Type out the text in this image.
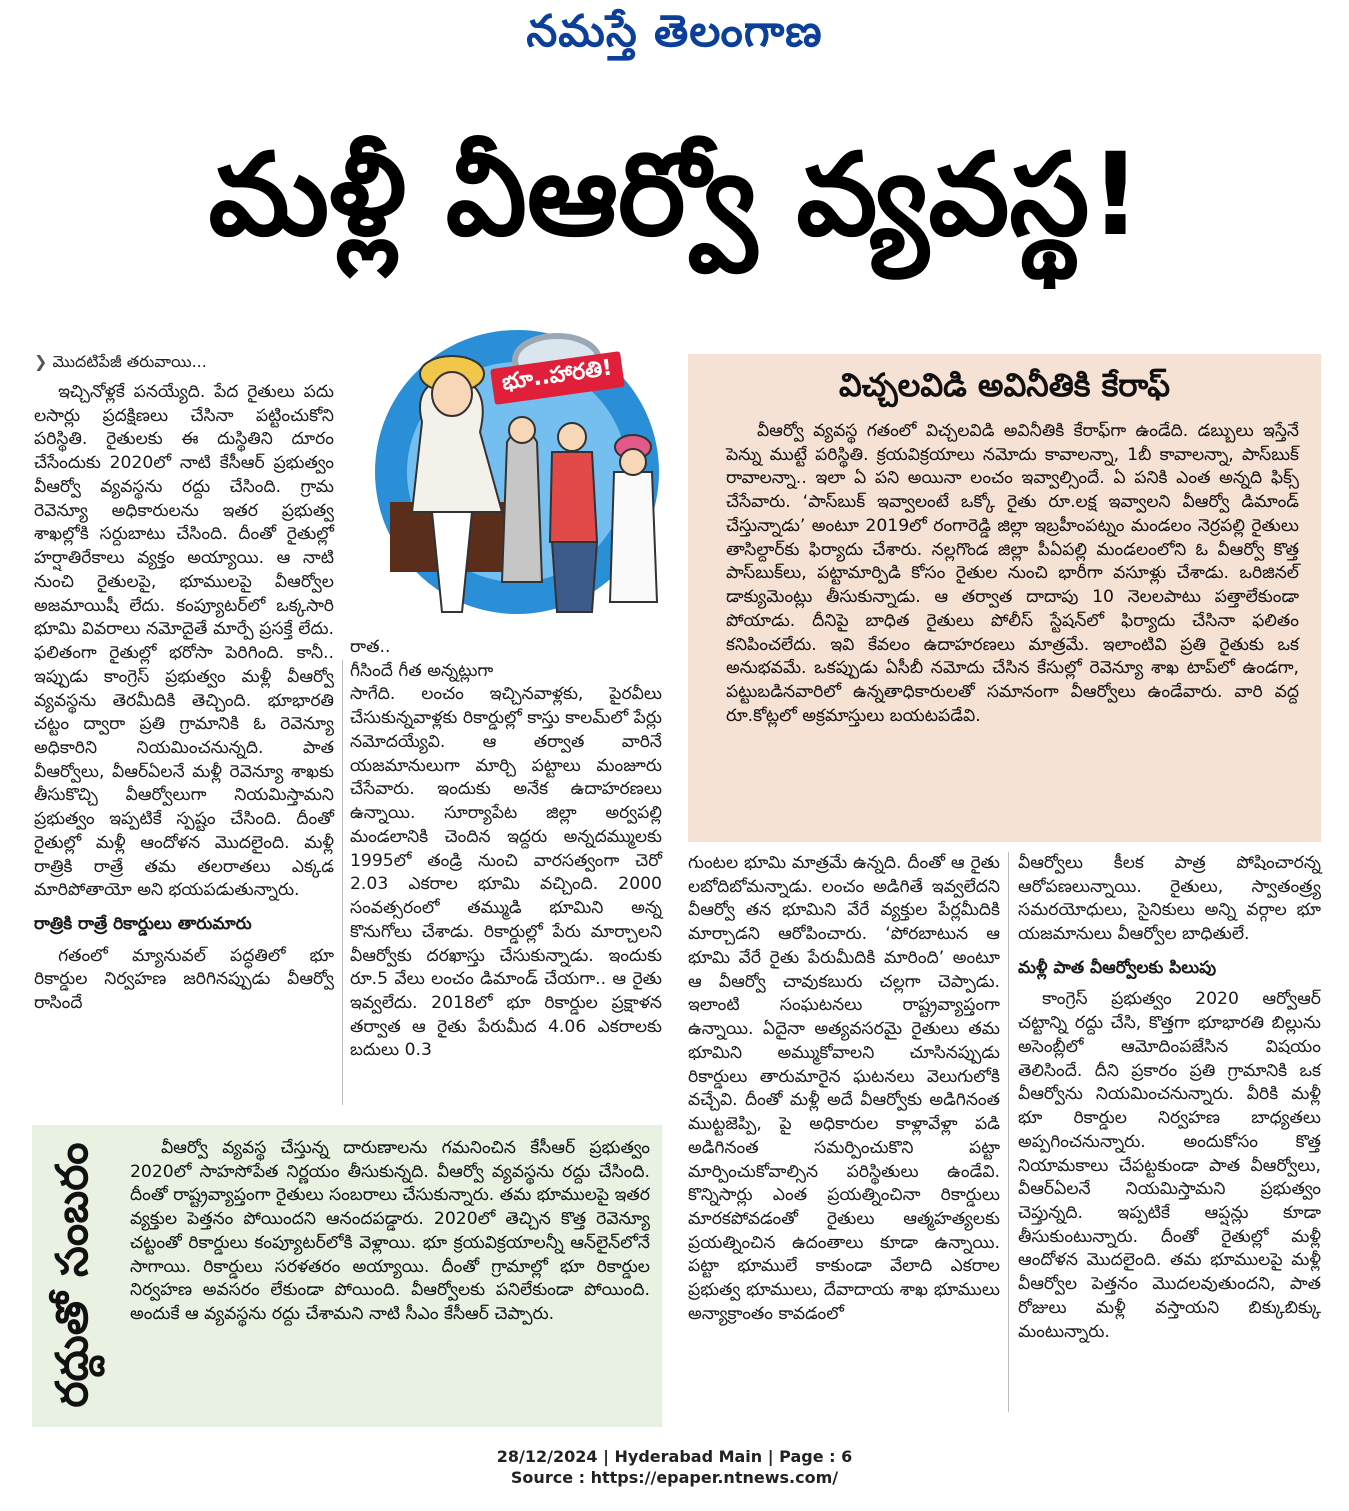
నమస్తే తెలంగాణ
మళ్లీ వీఆర్వో వ్యవస్థ!
❯ మొదటిపేజీ తరువాయి...

ఇచ్చినోళ్లకే పనయ్యేది. పేద రైతులు పదు లసార్లు ప్రదక్షిణలు చేసినా పట్టించుకోని పరిస్థితి. రైతులకు ఈ దుస్థితిని దూరం చేసేందుకు 2020లో నాటి కేసీఆర్ ప్రభుత్వం వీఆర్వో వ్యవస్థను రద్దు చేసింది. గ్రామ రెవెన్యూ అధికారులను ఇతర ప్రభుత్వ శాఖల్లోకి సర్దుబాటు చేసింది. దీంతో రైతుల్లో హర్షాతిరేకాలు వ్యక్తం అయ్యాయి. ఆ నాటి నుంచి రైతులపై, భూములపై వీఆర్వోల అజమాయిషీ లేదు. కంప్యూటర్‌లో ఒక్కసారి భూమి వివరాలు నమోదైతే మార్పే ప్రసక్తే లేదు. ఫలితంగా రైతుల్లో భరోసా పెరిగింది. కానీ.. ఇప్పుడు కాంగ్రెస్ ప్రభుత్వం మళ్లీ వీఆర్వో వ్యవస్థను తెరమీదికి తెచ్చింది. భూభారతి చట్టం ద్వారా ప్రతి గ్రామానికి ఓ రెవెన్యూ అధికారిని నియమించనున్నది. పాత వీఆర్వోలు, వీఆర్ఏలనే మళ్లీ రెవెన్యూ శాఖకు తీసుకొచ్చి వీఆర్వోలుగా నియమిస్తామని ప్రభుత్వం ఇప్పటికే స్పష్టం చేసింది. దీంతో రైతుల్లో మళ్లీ ఆందోళన మొదలైంది. మళ్లీ రాత్రికి రాత్రే తమ తలరాతలు ఎక్కడ మారిపోతాయో అని భయపడుతున్నారు.

రాత్రికి రాత్రే రికార్డులు తారుమారు

గతంలో మ్యానువల్ పద్ధతిలో భూ రికార్డుల నిర్వహణ జరిగినప్పుడు వీఆర్వో రాసిందే

భూ..హారతి!
రాత..
గీసిందే గీత అన్నట్లుగా
సాగేది. లంచం ఇచ్చినవాళ్లకు, పైరవీలు చేసుకున్నవాళ్లకు రికార్డుల్లో కాస్తు కాలమ్‌లో పేర్లు నమోదయ్యేవి. ఆ తర్వాత వారినే యజమానులుగా మార్చి పట్టాలు మంజూరు చేసేవారు. ఇందుకు అనేక ఉదాహరణలు ఉన్నాయి. సూర్యాపేట జిల్లా అర్వపల్లి మండలానికి చెందిన ఇద్దరు అన్నదమ్ములకు 1995లో తండ్రి నుంచి వారసత్వంగా చెరో 2.03 ఎకరాల భూమి వచ్చింది. 2000 సంవత్సరంలో తమ్ముడి భూమిని అన్న కొనుగోలు చేశాడు. రికార్డుల్లో పేరు మార్చాలని వీఆర్వోకు దరఖాస్తు చేసుకున్నాడు. ఇందుకు రూ.5 వేలు లంచం డిమాండ్ చేయగా.. ఆ రైతు ఇవ్వలేదు. 2018లో భూ రికార్డుల ప్రక్షాళన తర్వాత ఆ రైతు పేరుమీద 4.06 ఎకరాలకు బదులు 0.3
విచ్చలవిడి అవినీతికి కేరాఫ్

వీఆర్వో వ్యవస్థ గతంలో విచ్చలవిడి అవినీతికి కేరాఫ్‌గా ఉండేది. డబ్బులు ఇస్తేనే పెన్ను ముట్టే పరిస్థితి. క్రయవిక్రయాలు నమోదు కావాలన్నా, 1బీ కావాలన్నా, పాస్‌బుక్ రావాలన్నా.. ఇలా ఏ పని అయినా లంచం ఇవ్వాల్సిందే. ఏ పనికి ఎంత అన్నది ఫిక్స్ చేసేవారు. ‘పాస్‌బుక్ ఇవ్వాలంటే ఒక్కో రైతు రూ.లక్ష ఇవ్వాలని వీఆర్వో డిమాండ్ చేస్తున్నాడు’ అంటూ 2019లో రంగారెడ్డి జిల్లా ఇబ్రహీంపట్నం మండలం నెర్రపల్లి రైతులు తాసిల్దార్‌కు ఫిర్యాదు చేశారు. నల్లగొండ జిల్లా పీఏపల్లి మండలంలోని ఓ వీఆర్వో కొత్త పాస్‌బుక్‌లు, పట్టామార్పిడి కోసం రైతుల నుంచి భారీగా వసూళ్లు చేశాడు. ఒరిజినల్ డాక్యుమెంట్లు తీసుకున్నాడు. ఆ తర్వాత దాదాపు 10 నెలలపాటు పత్తాలేకుండా పోయాడు. దీనిపై బాధిత రైతులు పోలీస్ స్టేషన్‌లో ఫిర్యాదు చేసినా ఫలితం కనిపించలేదు. ఇవి కేవలం ఉదాహరణలు మాత్రమే. ఇలాంటివి ప్రతి రైతుకు ఒక అనుభవమే. ఒకప్పుడు ఏసీబీ నమోదు చేసిన కేసుల్లో రెవెన్యూ శాఖ టాప్‌లో ఉండగా, పట్టుబడినవారిలో ఉన్నతాధికారులతో సమానంగా వీఆర్వోలు ఉండేవారు. వారి వద్ద రూ.కోట్లలో అక్రమాస్తులు బయటపడేవి.

గుంటల భూమి మాత్రమే ఉన్నది. దీంతో ఆ రైతు లబోదిబోమన్నాడు. లంచం అడిగితే ఇవ్వలేదని వీఆర్వో తన భూమిని వేరే వ్యక్తుల పేర్లమీదికి మార్చాడని ఆరోపించారు. ‘పోరబాటున ఆ భూమి వేరే రైతు పేరుమీదికి మారింది’ అంటూ ఆ వీఆర్వో చావుకబురు చల్లగా చెప్పాడు. ఇలాంటి సంఘటనలు రాష్ట్రవ్యాప్తంగా ఉన్నాయి. ఏదైనా అత్యవసరమై రైతులు తమ భూమిని అమ్ముకోవాలని చూసినప్పుడు రికార్డులు తారుమారైన ఘటనలు వెలుగులోకి వచ్చేవి. దీంతో మళ్లీ అదే వీఆర్వోకు అడిగినంత ముట్టజెప్పి, పై అధికారుల కాళ్లావేళ్లా పడి అడిగినంత సమర్పించుకొని పట్టా మార్పించుకోవాల్సిన పరిస్థితులు ఉండేవి. కొన్నిసార్లు ఎంత ప్రయత్నించినా రికార్డులు మారకపోవడంతో రైతులు ఆత్మహత్యలకు ప్రయత్నించిన ఉదంతాలు కూడా ఉన్నాయి. పట్టా భూములే కాకుండా వేలాది ఎకరాల ప్రభుత్వ భూములు, దేవాదాయ శాఖ భూములు అన్యాక్రాంతం కావడంలో
వీఆర్వోలు కీలక పాత్ర పోషించారన్న ఆరోపణలున్నాయి. రైతులు, స్వాతంత్ర్య సమరయోధులు, సైనికులు అన్ని వర్గాల భూ యజమానులు వీఆర్వోల బాధితులే.
మళ్లీ పాత వీఆర్వోలకు పిలుపు

కాంగ్రెస్ ప్రభుత్వం 2020 ఆర్వోఆర్ చట్టాన్ని రద్దు చేసి, కొత్తగా భూభారతి బిల్లును అసెంబ్లీలో ఆమోదింపజేసిన విషయం తెలిసిందే. దీని ప్రకారం ప్రతి గ్రామానికి ఒక వీఆర్వోను నియమించనున్నారు. వీరికి మళ్లీ భూ రికార్డుల నిర్వహణ బాధ్యతలు అప్పగించనున్నారు. అందుకోసం కొత్త నియామకాలు చేపట్టకుండా పాత వీఆర్వోలు, వీఆర్ఏలనే నియమిస్తామని ప్రభుత్వం చెప్తున్నది. ఇప్పటికే ఆప్షన్లు కూడా తీసుకుంటున్నారు. దీంతో రైతుల్లో మళ్లీ ఆందోళన మొదలైంది. తమ భూములపై మళ్లీ వీఆర్వోల పెత్తనం మొదలవుతుందని, పాత రోజులు మళ్లీ వస్తాయని బిక్కుబిక్కు మంటున్నారు.

రద్దుతో సంబరం	వీఆర్వో వ్యవస్థ చేస్తున్న దారుణాలను గమనించిన కేసీఆర్ ప్రభుత్వం 2020లో సాహసోపేత నిర్ణయం తీసుకున్నది. వీఆర్వో వ్యవస్థను రద్దు చేసింది. దీంతో రాష్ట్రవ్యాప్తంగా రైతులు సంబరాలు చేసుకున్నారు. తమ భూములపై ఇతర వ్యక్తుల పెత్తనం పోయిందని ఆనందపడ్డారు. 2020లో తెచ్చిన కొత్త రెవెన్యూ చట్టంతో రికార్డులు కంప్యూటర్‌లోకి వెళ్లాయి. భూ క్రయవిక్రయాలన్నీ ఆన్‌లైన్‌లోనే సాగాయి. రికార్డులు సరళతరం అయ్యాయి. దీంతో గ్రామాల్లో భూ రికార్డుల నిర్వహణ అవసరం లేకుండా పోయింది. వీఆర్వోలకు పనిలేకుండా పోయింది. అందుకే ఆ వ్యవస్థను రద్దు చేశామని నాటి సీఎం కేసీఆర్ చెప్పారు.

28/12/2024 | Hyderabad Main | Page : 6
Source : https://epaper.ntnews.com/
